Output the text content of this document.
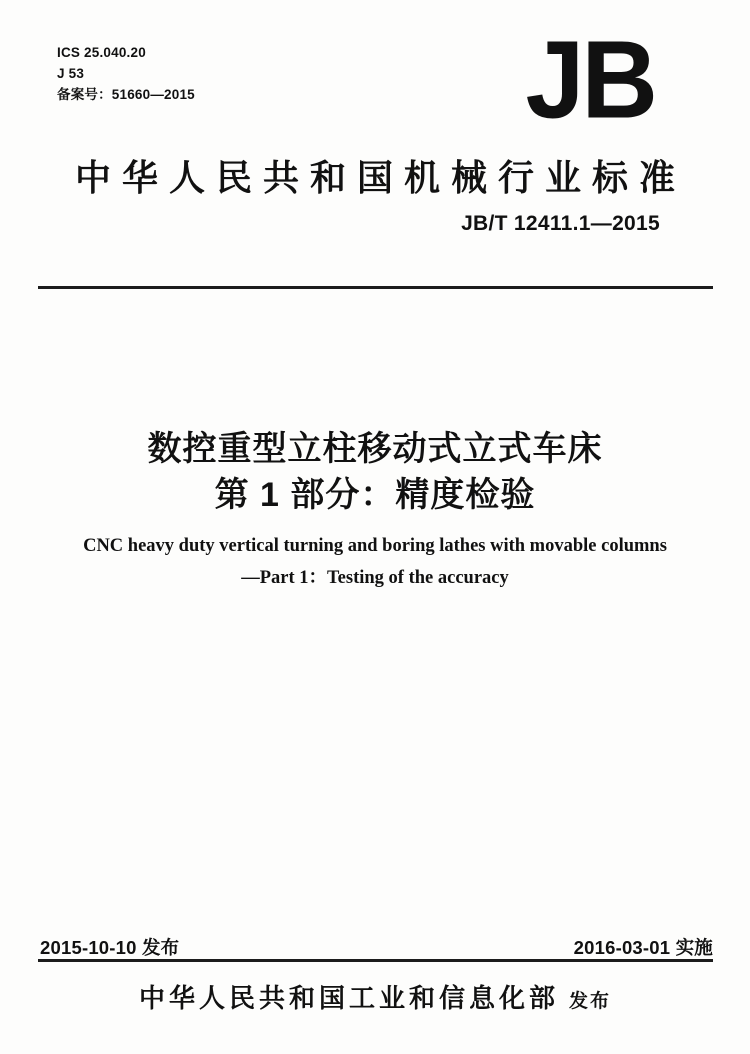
ICS 25.040.20
J 53
备案号：51660—2015	JB
中华人民共和国机械行业标准
JB/T 12411.1—2015
数控重型立柱移动式立式车床
第 1 部分：精度检验
CNC heavy duty vertical turning and boring lathes with movable columns
—Part 1：Testing of the accuracy
2015-10-10 发布	2016-03-01 实施
中华人民共和国工业和信息化部 发布
